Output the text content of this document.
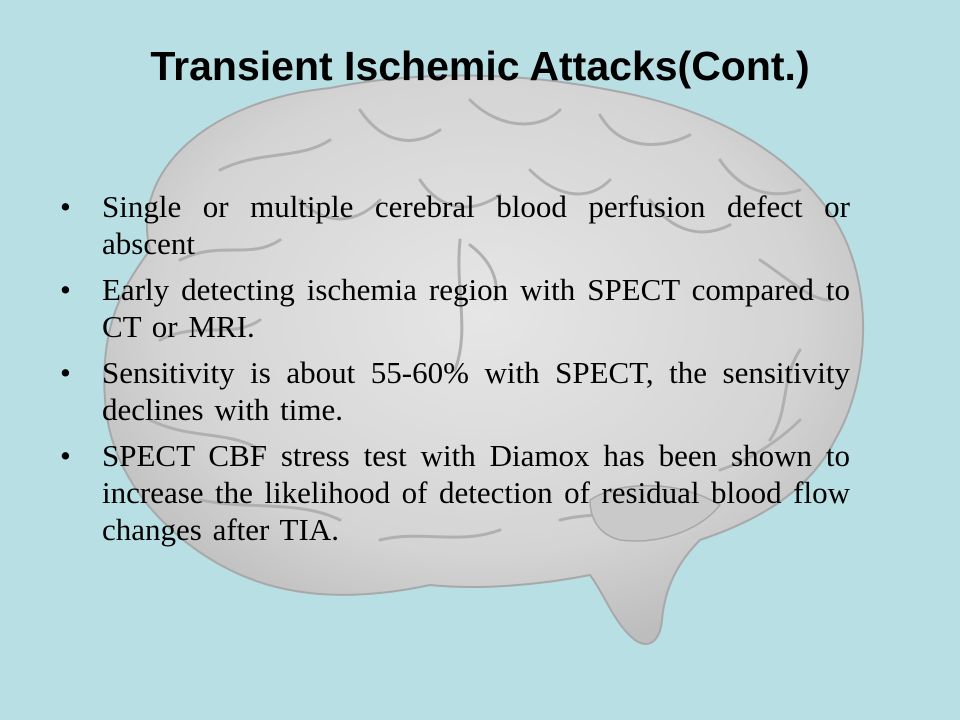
Transient Ischemic Attacks(Cont.)
• Single or multiple cerebral blood perfusion defect or abscent
• Early detecting ischemia region with SPECT compared to CT or MRI.
• Sensitivity is about 55-60% with SPECT, the sensitivity declines with time.
• SPECT CBF stress test with Diamox has been shown to increase the likelihood of detection of residual blood flow changes after TIA.
